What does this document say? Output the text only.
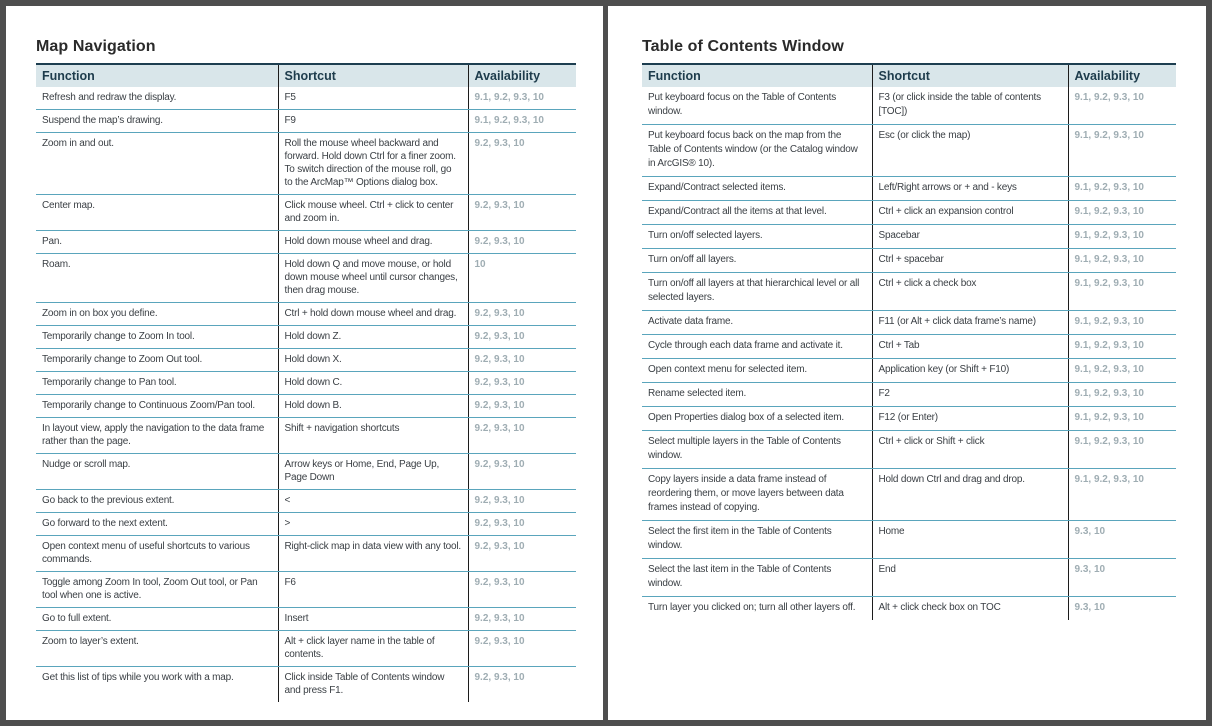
Map Navigation
Function	Shortcut	Availability
Refresh and redraw the display.	F5	9.1, 9.2, 9.3, 10
Suspend the map’s drawing.	F9	9.1, 9.2, 9.3, 10
Zoom in and out.	Roll the mouse wheel backward and forward. Hold down Ctrl for a finer zoom. To switch direction of the mouse roll, go to the ArcMap™ Options dialog box.	9.2, 9.3, 10
Center map.	Click mouse wheel. Ctrl + click to center and zoom in.	9.2, 9.3, 10
Pan.	Hold down mouse wheel and drag.	9.2, 9.3, 10
Roam.	Hold down Q and move mouse, or hold down mouse wheel until cursor changes, then drag mouse.	10
Zoom in on box you define.	Ctrl + hold down mouse wheel and drag.	9.2, 9.3, 10
Temporarily change to Zoom In tool.	Hold down Z.	9.2, 9.3, 10
Temporarily change to Zoom Out tool.	Hold down X.	9.2, 9.3, 10
Temporarily change to Pan tool.	Hold down C.	9.2, 9.3, 10
Temporarily change to Continuous Zoom/Pan tool.	Hold down B.	9.2, 9.3, 10
In layout view, apply the navigation to the data frame rather than the page.	Shift + navigation shortcuts	9.2, 9.3, 10
Nudge or scroll map.	Arrow keys or Home, End, Page Up, Page Down	9.2, 9.3, 10
Go back to the previous extent.	<	9.2, 9.3, 10
Go forward to the next extent.	>	9.2, 9.3, 10
Open context menu of useful shortcuts to various commands.	Right-click map in data view with any tool.	9.2, 9.3, 10
Toggle among Zoom In tool, Zoom Out tool, or Pan tool when one is active.	F6	9.2, 9.3, 10
Go to full extent.	Insert	9.2, 9.3, 10
Zoom to layer’s extent.	Alt + click layer name in the table of contents.	9.2, 9.3, 10
Get this list of tips while you work with a map.	Click inside Table of Contents window and press F1.	9.2, 9.3, 10
Table of Contents Window
Function	Shortcut	Availability
Put keyboard focus on the Table of Contents window.	F3 (or click inside the table of contents [TOC])	9.1, 9.2, 9.3, 10
Put keyboard focus back on the map from the Table of Contents window (or the Catalog window in ArcGIS® 10).	Esc (or click the map)	9.1, 9.2, 9.3, 10
Expand/Contract selected items.	Left/Right arrows or + and - keys	9.1, 9.2, 9.3, 10
Expand/Contract all the items at that level.	Ctrl + click an expansion control	9.1, 9.2, 9.3, 10
Turn on/off selected layers.	Spacebar	9.1, 9.2, 9.3, 10
Turn on/off all layers.	Ctrl + spacebar	9.1, 9.2, 9.3, 10
Turn on/off all layers at that hierarchical level or all selected layers.	Ctrl + click a check box	9.1, 9.2, 9.3, 10
Activate data frame.	F11 (or Alt + click data frame’s name)	9.1, 9.2, 9.3, 10
Cycle through each data frame and activate it.	Ctrl + Tab	9.1, 9.2, 9.3, 10
Open context menu for selected item.	Application key (or Shift + F10)	9.1, 9.2, 9.3, 10
Rename selected item.	F2	9.1, 9.2, 9.3, 10
Open Properties dialog box of a selected item.	F12 (or Enter)	9.1, 9.2, 9.3, 10
Select multiple layers in the Table of Contents window.	Ctrl + click or Shift + click	9.1, 9.2, 9.3, 10
Copy layers inside a data frame instead of reordering them, or move layers between data frames instead of copying.	Hold down Ctrl and drag and drop.	9.1, 9.2, 9.3, 10
Select the first item in the Table of Contents window.	Home	9.3, 10
Select the last item in the Table of Contents window.	End	9.3, 10
Turn layer you clicked on; turn all other layers off.	Alt + click check box on TOC	9.3, 10
